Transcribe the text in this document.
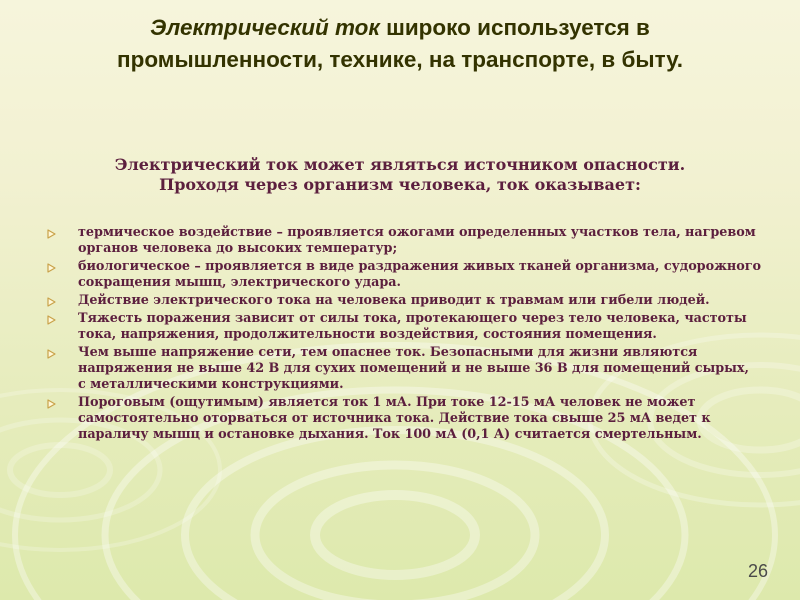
Электрический ток широко используется в
промышленности, технике, на транспорте, в быту.
Электрический ток может являться источником опасности.
Проходя через организм человека, ток оказывает:
термическое воздействие – проявляется ожогами определенных участков тела, нагревом органов человека до высоких температур;
биологическое – проявляется в виде раздражения живых тканей организма, судорожного сокращения мышц, электрического удара.
Действие электрического тока на человека приводит к травмам или гибели людей.
Тяжесть поражения зависит от силы тока, протекающего через тело человека, частоты тока, напряжения, продолжительности воздействия, состояния помещения.
Чем выше напряжение сети, тем опаснее ток. Безопасными для жизни являются напряжения не выше 42 В для сухих помещений и не выше 36 В для помещений сырых, с металлическими конструкциями.
Пороговым (ощутимым) является ток 1 мА. При токе 12-15 мА человек не может самостоятельно оторваться от источника тока. Действие тока свыше 25 мА ведет к параличу мышц и остановке дыхания. Ток 100 мА (0,1 А) считается смертельным.
26
